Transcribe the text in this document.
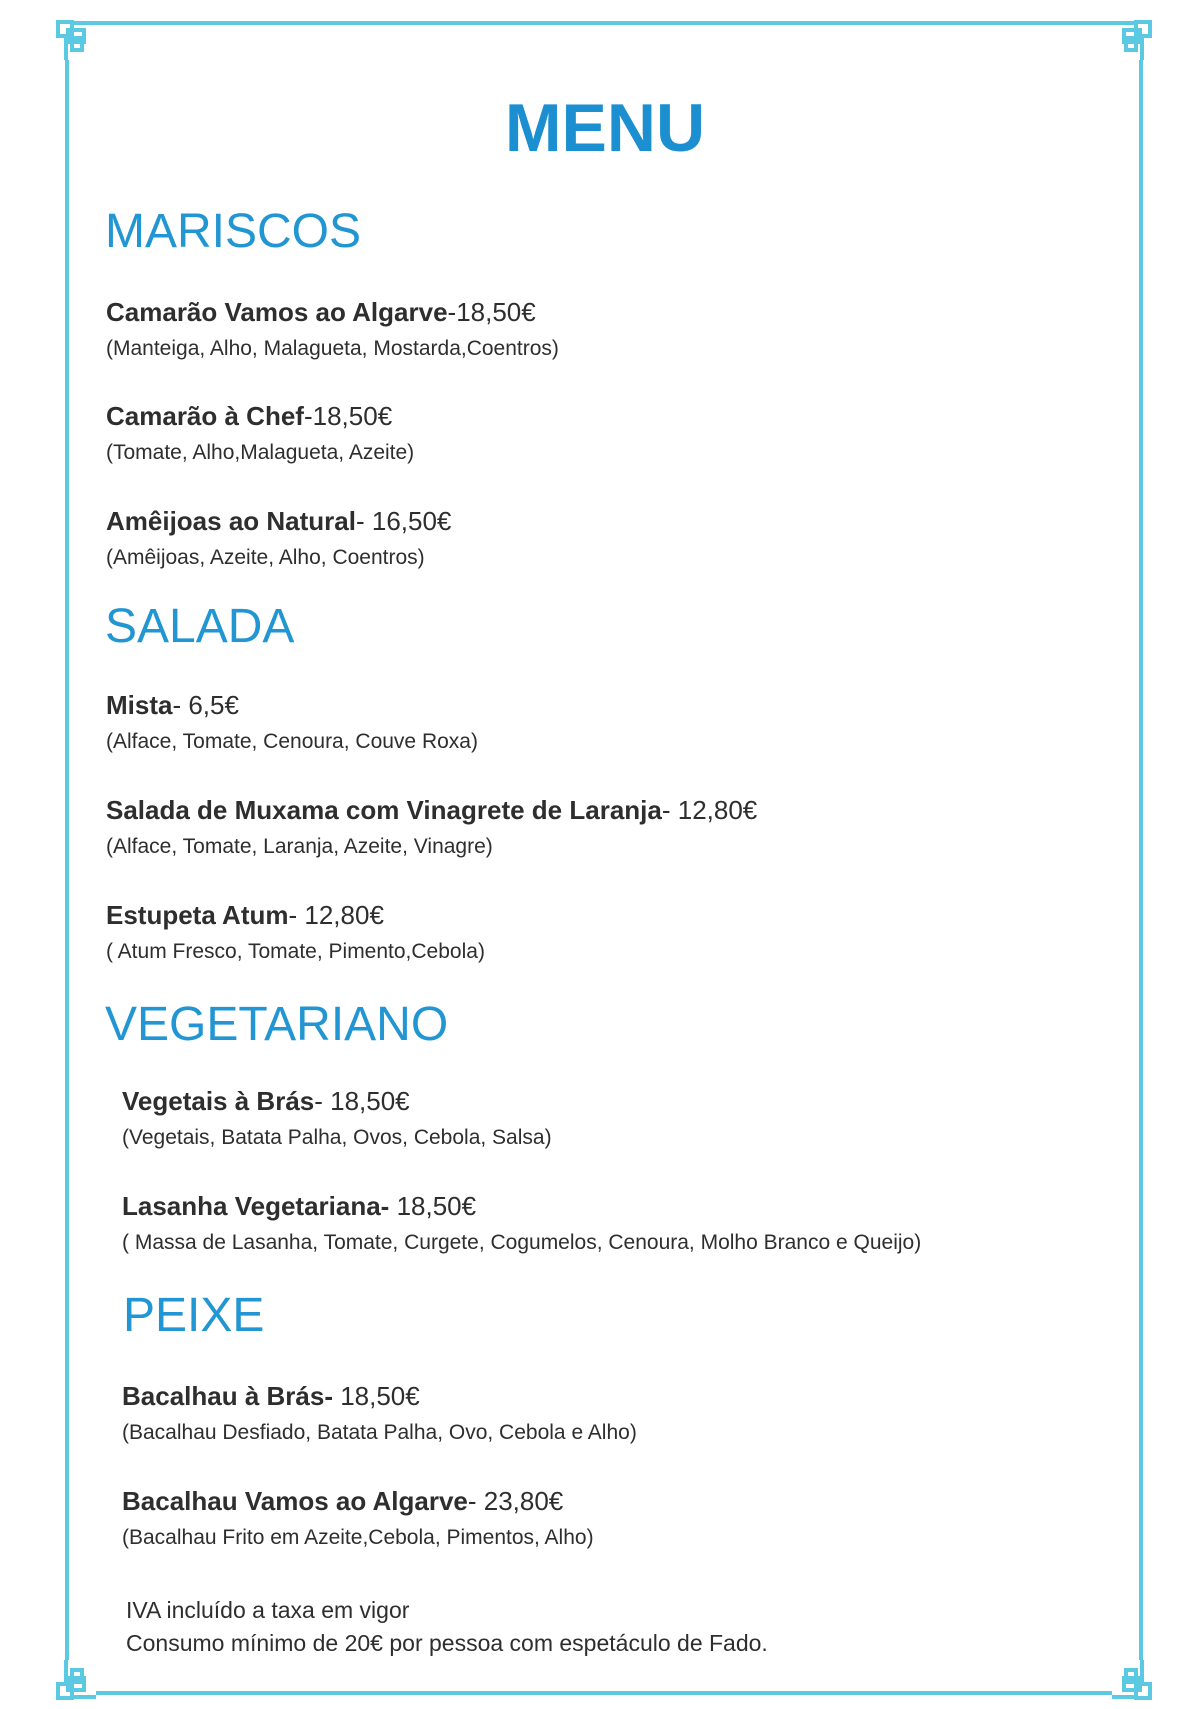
MENU
MARISCOS
Camarão Vamos ao Algarve-18,50€
(Manteiga, Alho, Malagueta, Mostarda,Coentros)
Camarão à Chef-18,50€
(Tomate, Alho,Malagueta, Azeite)
Amêijoas ao Natural- 16,50€
(Amêijoas, Azeite, Alho, Coentros)
SALADA
Mista- 6,5€
(Alface, Tomate, Cenoura, Couve Roxa)
Salada de Muxama com Vinagrete de Laranja- 12,80€
(Alface, Tomate, Laranja, Azeite, Vinagre)
Estupeta Atum- 12,80€
( Atum Fresco, Tomate, Pimento,Cebola)
VEGETARIANO
Vegetais à Brás- 18,50€
(Vegetais, Batata Palha, Ovos, Cebola, Salsa)
Lasanha Vegetariana- 18,50€
( Massa de Lasanha, Tomate, Curgete, Cogumelos, Cenoura, Molho Branco e Queijo)
PEIXE
Bacalhau à Brás- 18,50€
(Bacalhau Desfiado, Batata Palha, Ovo, Cebola e Alho)
Bacalhau Vamos ao Algarve- 23,80€
(Bacalhau Frito em Azeite,Cebola, Pimentos, Alho)
IVA incluído a taxa em vigor
Consumo mínimo de 20€ por pessoa com espetáculo de Fado.
